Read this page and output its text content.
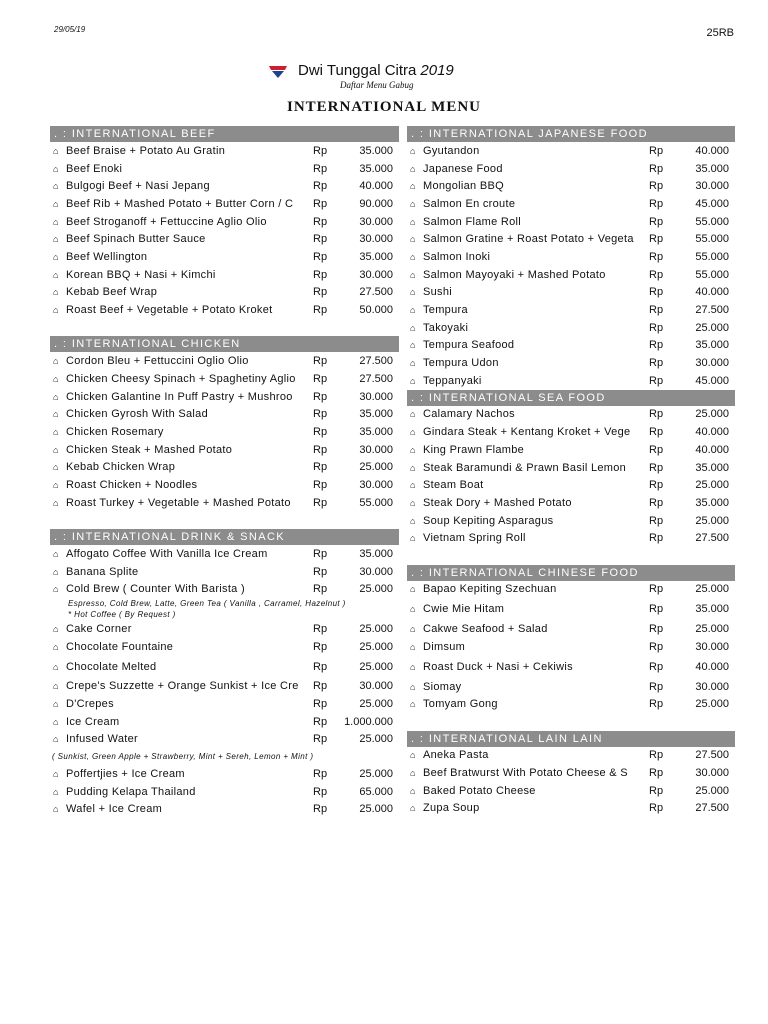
29/05/19	25RB
Dwi Tunggal Citra 2019
Daftar Menu Gabug
INTERNATIONAL MENU
. : INTERNATIONAL BEEF
⌂ Beef Braise + Potato Au Gratin	Rp	35.000
⌂ Beef Enoki	Rp	35.000
⌂ Bulgogi Beef + Nasi Jepang	Rp	40.000
⌂ Beef Rib + Mashed Potato + Butter Corn / C	Rp	90.000
⌂ Beef Stroganoff + Fettuccine Aglio Olio	Rp	30.000
⌂ Beef Spinach Butter Sauce	Rp	30.000
⌂ Beef Wellington	Rp	35.000
⌂ Korean BBQ + Nasi + Kimchi	Rp	30.000
⌂ Kebab Beef Wrap	Rp	27.500
⌂ Roast Beef + Vegetable + Potato Kroket	Rp	50.000
. : INTERNATIONAL CHICKEN
⌂ Cordon Bleu + Fettuccini Oglio Olio	Rp	27.500
⌂ Chicken Cheesy Spinach + Spaghetiny Aglio	Rp	27.500
⌂ Chicken Galantine In Puff Pastry + Mushroo	Rp	30.000
⌂ Chicken Gyrosh With Salad	Rp	35.000
⌂ Chicken Rosemary	Rp	35.000
⌂ Chicken Steak + Mashed Potato	Rp	30.000
⌂ Kebab Chicken Wrap	Rp	25.000
⌂ Roast Chicken + Noodles	Rp	30.000
⌂ Roast Turkey + Vegetable + Mashed Potato	Rp	55.000
. : INTERNATIONAL DRINK & SNACK
⌂ Affogato Coffee With Vanilla Ice Cream	Rp	35.000
⌂ Banana Splite	Rp	30.000
⌂ Cold Brew ( Counter With Barista )	Rp	25.000
Espresso, Cold Brew, Latte, Green Tea ( Vanilla , Carramel, Hazelnut )
* Hot Coffee ( By Request )
⌂ Cake Corner	Rp	25.000
⌂ Chocolate Fountaine	Rp	25.000
⌂ Chocolate Melted	Rp	25.000
⌂ Crepe's Suzzette + Orange Sunkist + Ice Cre	Rp	30.000
⌂ D'Crepes	Rp	25.000
⌂ Ice Cream	Rp	1.000.000
⌂ Infused Water	Rp	25.000
( Sunkist, Green Apple + Strawberry, Mint + Sereh, Lemon + Mint )
⌂ Poffertjies + Ice Cream	Rp	25.000
⌂ Pudding Kelapa Thailand	Rp	65.000
⌂ Wafel + Ice Cream	Rp	25.000
. : INTERNATIONAL JAPANESE FOOD
⌂ Gyutandon	Rp	40.000
⌂ Japanese Food	Rp	35.000
⌂ Mongolian BBQ	Rp	30.000
⌂ Salmon En croute	Rp	45.000
⌂ Salmon Flame Roll	Rp	55.000
⌂ Salmon Gratine + Roast Potato + Vegeta	Rp	55.000
⌂ Salmon Inoki	Rp	55.000
⌂ Salmon Mayoyaki + Mashed Potato	Rp	55.000
⌂ Sushi	Rp	40.000
⌂ Tempura	Rp	27.500
⌂ Takoyaki	Rp	25.000
⌂ Tempura Seafood	Rp	35.000
⌂ Tempura Udon	Rp	30.000
⌂ Teppanyaki	Rp	45.000
. : INTERNATIONAL SEA FOOD
⌂ Calamary Nachos	Rp	25.000
⌂ Gindara Steak + Kentang Kroket + Vege	Rp	40.000
⌂ King Prawn Flambe	Rp	40.000
⌂ Steak Baramundi & Prawn Basil Lemon	Rp	35.000
⌂ Steam Boat	Rp	25.000
⌂ Steak Dory + Mashed Potato	Rp	35.000
⌂ Soup Kepiting Asparagus	Rp	25.000
⌂ Vietnam Spring Roll	Rp	27.500
. : INTERNATIONAL CHINESE FOOD
⌂ Bapao Kepiting Szechuan	Rp	25.000
⌂ Cwie Mie Hitam	Rp	35.000
⌂ Cakwe Seafood + Salad	Rp	25.000
⌂ Dimsum	Rp	30.000
⌂ Roast Duck + Nasi + Cekiwis	Rp	40.000
⌂ Siomay	Rp	30.000
⌂ Tomyam Gong	Rp	25.000
. : INTERNATIONAL LAIN LAIN
⌂ Aneka Pasta	Rp	27.500
⌂ Beef Bratwurst With Potato Cheese & S	Rp	30.000
⌂ Baked Potato Cheese	Rp	25.000
⌂ Zupa Soup	Rp	27.500
